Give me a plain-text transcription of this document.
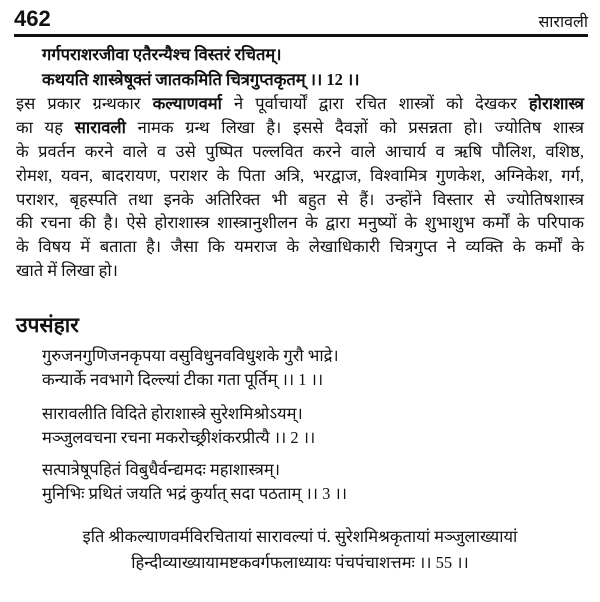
462	सारावली
गर्गपराशरजीवा एतैरन्यैश्च विस्तरं रचितम्।
कथयति शास्त्रेषूक्तं जातकमिति चित्रगुप्तकृतम् ।। 12 ।।
इस प्रकार ग्रन्थकार कल्याणवर्मा ने पूर्वाचार्यों द्वारा रचित शास्त्रों को देखकर होराशास्त्र
का यह सारावली नामक ग्रन्थ लिखा है। इससे दैवज्ञों को प्रसन्नता हो। ज्योतिष शास्त्र
के प्रवर्तन करने वाले व उसे पुष्पित पल्लवित करने वाले आचार्य व ऋषि पौलिश, वशिष्ठ,
रोमश, यवन, बादरायण, पराशर के पिता अत्रि, भरद्वाज, विश्वामित्र गुणकेश, अग्निकेश, गर्ग,
पराशर, बृहस्पति तथा इनके अतिरिक्त भी बहुत से हैं। उन्होंने विस्तार से ज्योतिषशास्त्र
की रचना की है। ऐसे होराशास्त्र शास्त्रानुशीलन के द्वारा मनुष्यों के शुभाशुभ कर्मों के परिपाक
के विषय में बताता है। जैसा कि यमराज के लेखाधिकारी चित्रगुप्त ने व्यक्ति के कर्मों के
खाते में लिखा हो।
उपसंहार
गुरुजनगुणिजनकृपया वसुविधुनवविधुशके गुरौ भाद्रे।
कन्यार्के नवभागे दिल्ल्यां टीका गता पूर्तिम् ।। 1 ।।
सारावलीति विदिते होराशास्त्रे सुरेशमिश्रोऽयम्।
मञ्जुलवचना रचना मकरोच्छ्रीशंकरप्रीत्यै ।। 2 ।।
सत्पात्रेषूपहितं विबुधैर्वन्द्यमदः महाशास्त्रम्।
मुनिभिः प्रथितं जयति भद्रं कुर्यात् सदा पठताम् ।। 3 ।।
इति श्रीकल्याणवर्मविरचितायां सारावल्यां पं. सुरेशमिश्रकृतायां मञ्जुलाख्यायां
हिन्दीव्याख्यायामष्टकवर्गफलाध्यायः पंचपंचाशत्तमः ।। 55 ।।
